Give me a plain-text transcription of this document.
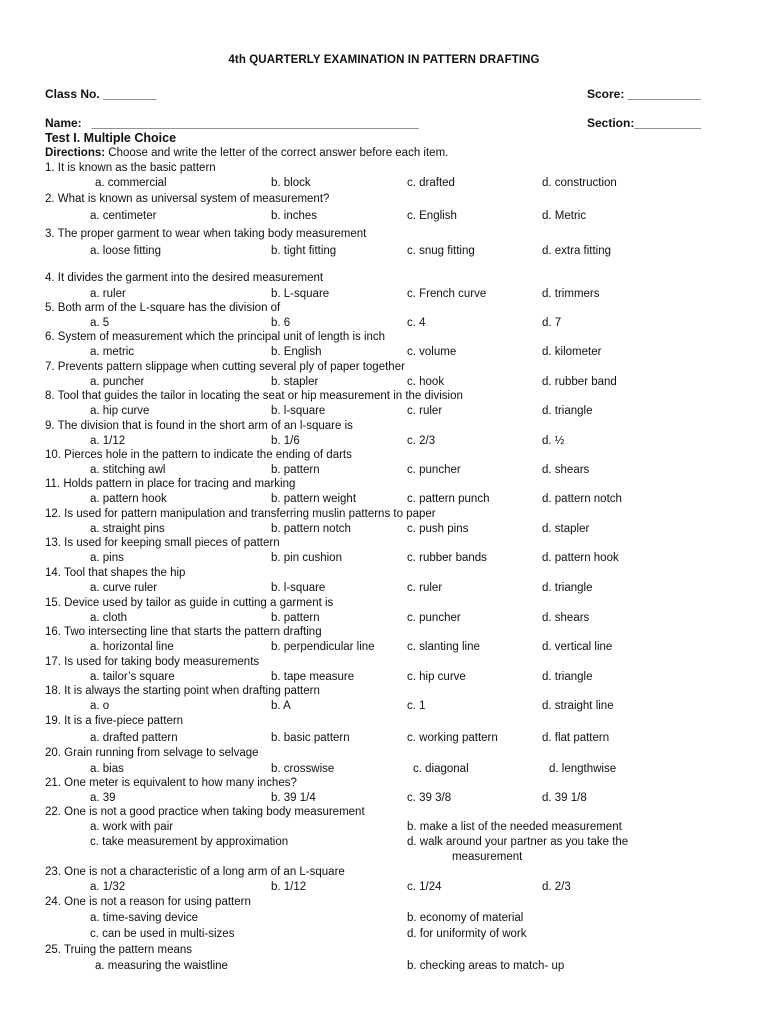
4th QUARTERLY EXAMINATION IN PATTERN DRAFTING
Class No. ________	Score: ___________
Name:   _________________________________________________	Section:__________
Test I. Multiple Choice
Directions: Choose and write the letter of the correct answer before each item.
1. It is known as the basic pattern
a. commercial	b. block	c. drafted	d. construction
2. What is known as universal system of measurement?
a. centimeter	b. inches	c. English	d. Metric
3. The proper garment to wear when taking body measurement
a. loose fitting	b. tight fitting	c. snug fitting	d. extra fitting
4. It divides the garment into the desired measurement
a. ruler	b. L-square	c. French curve	d. trimmers
5. Both arm of the L-square has the division of
a. 5	b. 6	c. 4	d. 7
6. System of measurement which the principal unit of length is inch
a. metric	b. English	c. volume	d. kilometer
7. Prevents pattern slippage when cutting several ply of paper together
a. puncher	b. stapler	c. hook	d. rubber band
8. Tool that guides the tailor in locating the seat or hip measurement in the division
a. hip curve	b. l-square	c. ruler	d. triangle
9. The division that is found in the short arm of an l-square is
a. 1/12	b. 1/6	c. 2/3	d. ½
10. Pierces hole in the pattern to indicate the ending of darts
a. stitching awl	b. pattern	c. puncher	d. shears
11. Holds pattern in place for tracing and marking
a. pattern hook	b. pattern weight	c. pattern punch	d. pattern notch
12. Is used for pattern manipulation and transferring muslin patterns to paper
a. straight pins	b. pattern notch	c. push pins	d. stapler
13. Is used for keeping small pieces of pattern
a. pins	b. pin cushion	c. rubber bands	d. pattern hook
14. Tool that shapes the hip
a. curve ruler	b. l-square	c. ruler	d. triangle
15. Device used by tailor as guide in cutting a garment is
a. cloth	b. pattern	c. puncher	d. shears
16. Two intersecting line that starts the pattern drafting
a. horizontal line	b. perpendicular line	c. slanting line	d. vertical line
17. Is used for taking body measurements
a. tailor’s square	b. tape measure	c. hip curve	d. triangle
18. It is always the starting point when drafting pattern
a. o	b. A	c. 1	d. straight line
19. It is a five-piece pattern
a. drafted pattern	b. basic pattern	c. working pattern	d. flat pattern
20. Grain running from selvage to selvage
a. bias	b. crosswise	c. diagonal	d. lengthwise
21. One meter is equivalent to how many inches?
a. 39	b. 39 1/4	c. 39 3/8	d. 39 1/8
22. One is not a good practice when taking body measurement
a. work with pair	b. make a list of the needed measurement
c. take measurement by approximation	d. walk around your partner as you take the
measurement
23. One is not a characteristic of a long arm of an L-square
a. 1/32	b. 1/12	c. 1/24	d. 2/3
24. One is not a reason for using pattern
a. time-saving device	b. economy of material
c. can be used in multi-sizes	d. for uniformity of work
25. Truing the pattern means
a. measuring the waistline	b. checking areas to match- up
